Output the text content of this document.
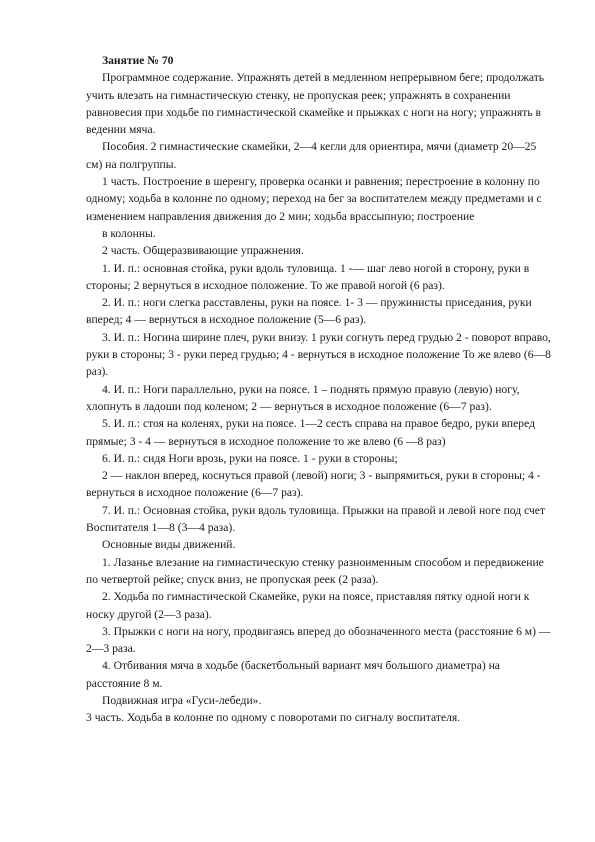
Занятие № 70

Программное содержание. Упражнять детей в медленном непрерывном беге; продолжать учить влезать на гимнастическую стенку, не пропуская реек; упражнять в сохранении равновесия при ходьбе по гимнастической скамейке и прыжках с ноги на ногу; упражнять в ведении мяча.

Пособия. 2 гимнастические скамейки, 2—4 кегли для ориентира, мячи (диаметр 20—25 см) на полгруппы.

1 часть. Построение в шеренгу, проверка осанки и равнения; перестроение в колонну по одному; ходьба в колонне по одному; переход на бег за воспитателем между предметами и с изменением направления движения до 2 мин; ходьба врассыпную; построение

в колонны.

2 часть. Общеразвивающие упражнения.

1. И. п.: основная стойка, руки вдоль туловища. 1 -— шаг лево ногой в сторону, руки в стороны; 2 вернуться в исходное положение. То же правой ногой (6 раз).

2. И. п.: ноги слегка расставлены, руки на поясе. 1- 3 — пружинисты приседания, руки вперед; 4 — вернуться в исходное положение (5—6 раз).

3. И. п.: Ногина ширине плеч, руки внизу. 1 руки согнуть перед грудью 2 - поворот вправо, руки в стороны; 3 - руки перед грудью; 4 - вернуться в исходное положение То же влево (6—8 раз).

4. И. п.: Ноги параллельно, руки на поясе. 1 – поднять прямую правую (левую) ногу, хлопнуть в ладоши под коленом; 2 — вернуться в исходное положение (6—7 раз).

5. И. п.: стоя на коленях, руки на поясе. 1—2 сесть справа на правое бедро, руки вперед прямые; 3 - 4 — вернуться в исходное положение то же влево (6 —8 раз)

6. И. п.: сидя Ноги врозь, руки на поясе. 1 - руки в стороны;

2 — наклон вперед, коснуться правой (левой) ноги; 3 - выпрямиться, руки в стороны; 4 - вернуться в исходное положение (6—7 раз).

7. И. п.: Основная стойка, руки вдоль туловища. Прыжки на правой и левой ноге под счет Воспитателя 1—8 (3—4 раза).

Основные виды движений.

1. Лазанье влезание на гимнастическую стенку разноименным способом и передвижение по четвертой рейке; спуск вниз, не пропуская реек (2 раза).

2. Ходьба по гимнастической Скамейке, руки на поясе, приставляя пятку одной ноги к носку другой (2—3 раза).

3. Прыжки с ноги на ногу, продвигаясь вперед до обозначенного места (расстояние 6 м) — 2—3 раза.

4. Отбивания мяча в ходьбе (баскетбольный вариант мяч большого диаметра) на расстояние 8 м.

Подвижная игра «Гуси-лебеди».

3 часть. Ходьба в колонне по одному с поворотами по сигналу воспитателя.
